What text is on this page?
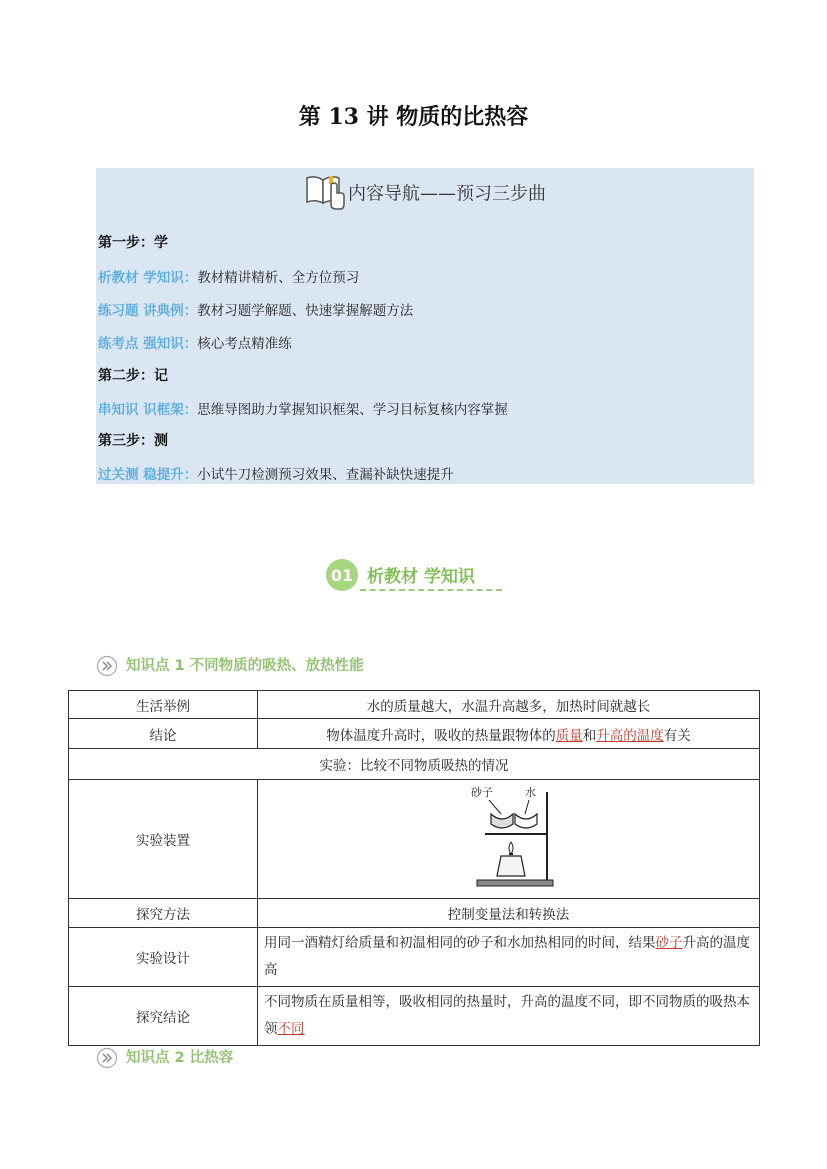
第 13 讲 物质的比热容
内容导航——预习三步曲
第一步：学
析教材 学知识：教材精讲精析、全方位预习
练习题 讲典例：教材习题学解题、快速掌握解题方法
练考点 强知识：核心考点精准练
第二步：记
串知识 识框架：思维导图助力掌握知识框架、学习目标复核内容掌握
第三步：测
过关测 稳提升：小试牛刀检测预习效果、查漏补缺快速提升
01 析教材 学知识
知识点 1 不同物质的吸热、放热性能
生活举例	水的质量越大，水温升高越多，加热时间就越长
结论	物体温度升高时，吸收的热量跟物体的质量和升高的温度有关
实验：比较不同物质吸热的情况	
实验装置	砂子 水

探究方法	控制变量法和转换法
实验设计	用同一酒精灯给质量和初温相同的砂子和水加热相同的时间，结果砂子升高的温度高
探究结论	不同物质在质量相等，吸收相同的热量时，升高的温度不同，即不同物质的吸热本领不同
知识点 2 比热容
